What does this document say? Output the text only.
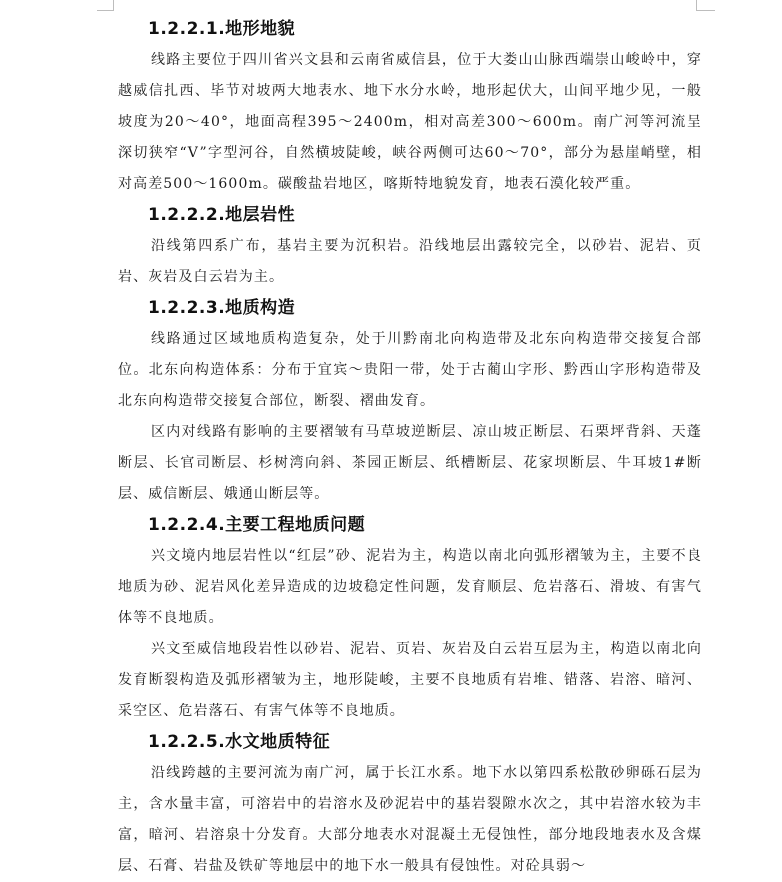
1.2.2.1.地形地貌

线路主要位于四川省兴文县和云南省威信县，位于大娄山山脉西端崇山峻岭中，穿越威信扎西、毕节对坡两大地表水、地下水分水岭，地形起伏大，山间平地少见，一般坡度为20～40°，地面高程395～2400m，相对高差300～600m。南广河等河流呈深切狭窄“V”字型河谷，自然横坡陡峻，峡谷两侧可达60～70°，部分为悬崖峭壁，相对高差500～1600m。碳酸盐岩地区，喀斯特地貌发育，地表石漠化较严重。

1.2.2.2.地层岩性

沿线第四系广布，基岩主要为沉积岩。沿线地层出露较完全，以砂岩、泥岩、页岩、灰岩及白云岩为主。

1.2.2.3.地质构造

线路通过区域地质构造复杂，处于川黔南北向构造带及北东向构造带交接复合部位。北东向构造体系：分布于宜宾～贵阳一带，处于古蔺山字形、黔西山字形构造带及北东向构造带交接复合部位，断裂、褶曲发育。

区内对线路有影响的主要褶皱有马草坡逆断层、凉山坡正断层、石栗坪背斜、天蓬断层、长官司断层、杉树湾向斜、茶园正断层、纸槽断层、花家坝断层、牛耳坡1#断层、威信断层、娥通山断层等。

1.2.2.4.主要工程地质问题

兴文境内地层岩性以“红层”砂、泥岩为主，构造以南北向弧形褶皱为主，主要不良地质为砂、泥岩风化差异造成的边坡稳定性问题，发育顺层、危岩落石、滑坡、有害气体等不良地质。

兴文至威信地段岩性以砂岩、泥岩、页岩、灰岩及白云岩互层为主，构造以南北向发育断裂构造及弧形褶皱为主，地形陡峻，主要不良地质有岩堆、错落、岩溶、暗河、采空区、危岩落石、有害气体等不良地质。

1.2.2.5.水文地质特征

沿线跨越的主要河流为南广河，属于长江水系。地下水以第四系松散砂卵砾石层为主，含水量丰富，可溶岩中的岩溶水及砂泥岩中的基岩裂隙水次之，其中岩溶水较为丰富，暗河、岩溶泉十分发育。大部分地表水对混凝土无侵蚀性，部分地段地表水及含煤层、石膏、岩盐及铁矿等地层中的地下水一般具有侵蚀性。对砼具弱～
